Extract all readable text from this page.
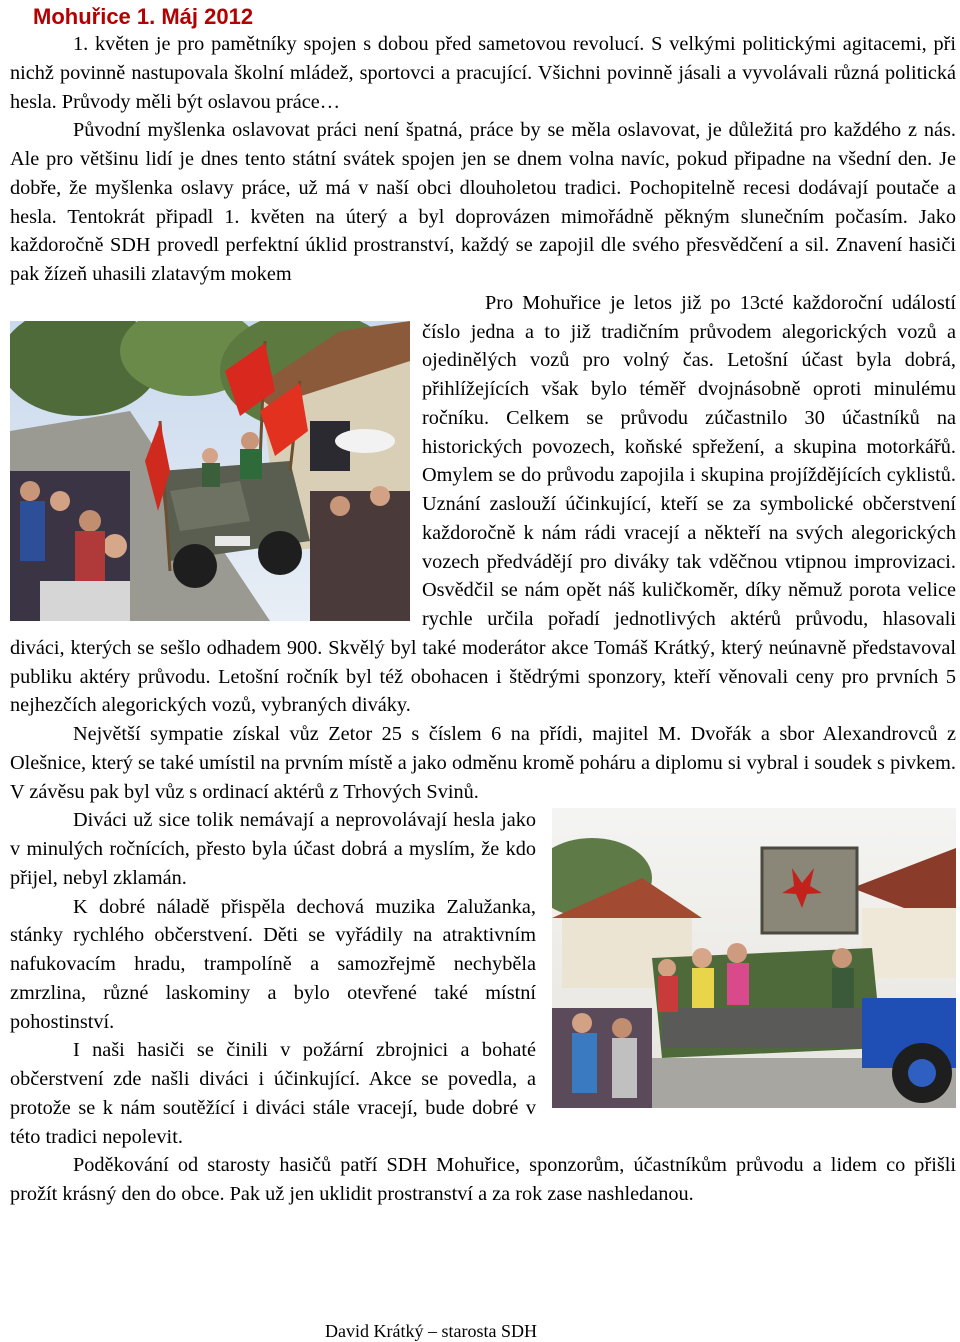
Mohuřice 1. Máj 2012

1. květen je pro pamětníky spojen s dobou před sametovou revolucí. S velkými politickými agitacemi, při nichž povinně nastupovala školní mládež, sportovci a pracující. Všichni povinně jásali a vyvolávali různá politická hesla. Průvody měli být oslavou práce…

Původní myšlenka oslavovat práci není špatná, práce by se měla oslavovat, je důležitá pro každého z nás. Ale pro většinu lidí je dnes tento státní svátek spojen jen se dnem volna navíc, pokud připadne na všední den. Je dobře, že myšlenka oslavy práce, už má v naší obci dlouholetou tradici. Pochopitelně recesi dodávají poutače a hesla. Tentokrát připadl 1. květen na úterý a byl doprovázen mimořádně pěkným slunečním počasím. Jako každoročně SDH provedl perfektní úklid prostranství, každý se zapojil dle svého přesvědčení a sil. Znavení hasiči pak žízeň uhasili zlatavým mokem

Pro Mohuřice je letos již po 13cté každoroční událostí číslo jedna a to již tradičním průvodem alegorických vozů a ojedinělých vozů pro volný čas. Letošní účast byla dobrá, přihlížejících však bylo téměř dvojnásobně oproti minulému ročníku. Celkem se průvodu zúčastnilo 30 účastníků na historických povozech, koňské spřežení, a skupina motorkářů. Omylem se do průvodu zapojila i skupina projíždějících cyklistů. Uznání zaslouží účinkující, kteří se za symbolické občerstvení každoročně k nám rádi vracejí a někteří na svých alegorických vozech předvádějí pro diváky tak vděčnou vtipnou improvizaci. Osvědčil se nám opět náš kuličkoměr, díky němuž porota velice rychle určila pořadí jednotlivých aktérů průvodu, hlasovali diváci, kterých se sešlo odhadem 900. Skvělý byl také moderátor akce Tomáš Krátký, který neúnavně představoval publiku aktéry průvodu. Letošní ročník byl též obohacen i štědrými sponzory, kteří věnovali ceny pro prvních 5 nejhezčích alegorických vozů, vybraných diváky.

Největší sympatie získal vůz Zetor 25 s číslem 6 na přídi, majitel M. Dvořák a sbor Alexandrovců z Olešnice, který se také umístil na prvním místě a jako odměnu kromě poháru a diplomu si vybral i soudek s pivkem. V závěsu pak byl vůz s ordinací aktérů z Trhových Svinů.

Diváci už sice tolik nemávají a neprovolávají hesla jako v minulých ročnících, přesto byla účast dobrá a myslím, že kdo přijel, nebyl zklamán.

K dobré náladě přispěla dechová muzika Zalužanka, stánky rychlého občerstvení. Děti se vyřádily na atraktivním nafukovacím hradu, trampolíně a samozřejmě nechyběla zmrzlina, různé laskominy a bylo otevřené také místní pohostinství.

I naši hasiči se činili v požární zbrojnici a bohaté občerstvení zde našli diváci i účinkující. Akce se povedla, a protože se k nám soutěžící i diváci stále vracejí, bude dobré v této tradici nepolevit.

Poděkování od starosty hasičů patří SDH Mohuřice, sponzorům, účastníkům průvodu a lidem co přišli prožít krásný den do obce. Pak už jen uklidit prostranství a za rok zase nashledanou.

David Krátký – starosta SDH
